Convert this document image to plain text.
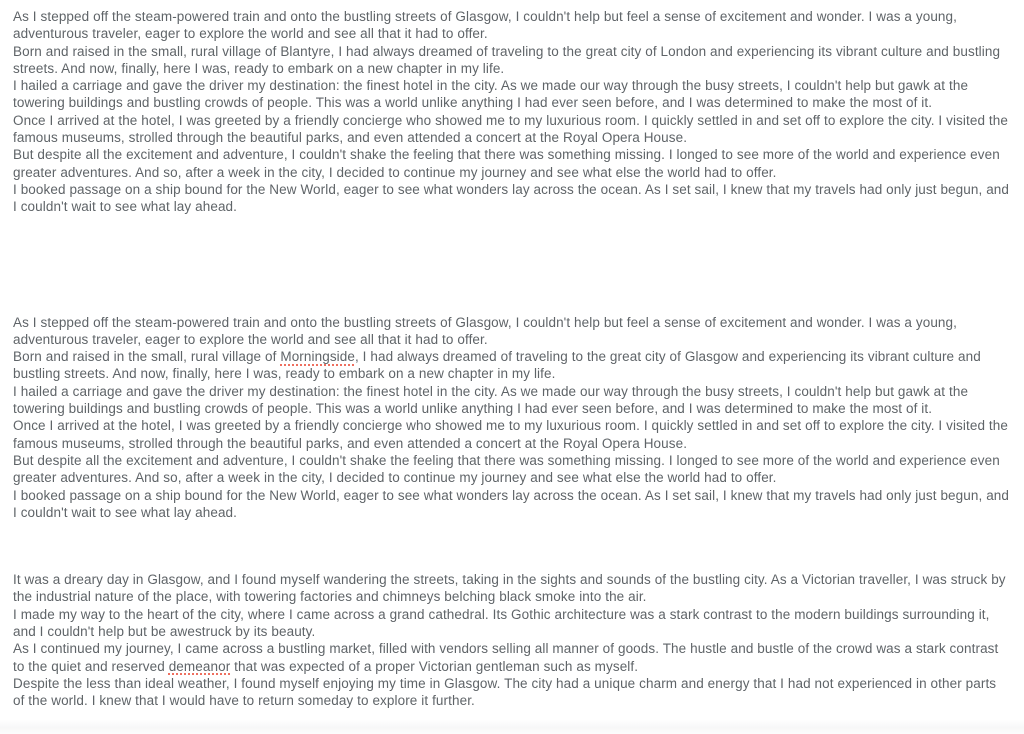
As I stepped off the steam-powered train and onto the bustling streets of Glasgow, I couldn't help but feel a sense of excitement and wonder. I was a young, adventurous traveler, eager to explore the world and see all that it had to offer.

Born and raised in the small, rural village of Blantyre, I had always dreamed of traveling to the great city of London and experiencing its vibrant culture and bustling streets. And now, finally, here I was, ready to embark on a new chapter in my life.

I hailed a carriage and gave the driver my destination: the finest hotel in the city. As we made our way through the busy streets, I couldn't help but gawk at the towering buildings and bustling crowds of people. This was a world unlike anything I had ever seen before, and I was determined to make the most of it.

Once I arrived at the hotel, I was greeted by a friendly concierge who showed me to my luxurious room. I quickly settled in and set off to explore the city. I visited the famous museums, strolled through the beautiful parks, and even attended a concert at the Royal Opera House.

But despite all the excitement and adventure, I couldn't shake the feeling that there was something missing. I longed to see more of the world and experience even greater adventures. And so, after a week in the city, I decided to continue my journey and see what else the world had to offer.

I booked passage on a ship bound for the New World, eager to see what wonders lay across the ocean. As I set sail, I knew that my travels had only just begun, and I couldn't wait to see what lay ahead.

As I stepped off the steam-powered train and onto the bustling streets of Glasgow, I couldn't help but feel a sense of excitement and wonder. I was a young, adventurous traveler, eager to explore the world and see all that it had to offer.

Born and raised in the small, rural village of Morningside, I had always dreamed of traveling to the great city of Glasgow and experiencing its vibrant culture and bustling streets. And now, finally, here I was, ready to embark on a new chapter in my life.

I hailed a carriage and gave the driver my destination: the finest hotel in the city. As we made our way through the busy streets, I couldn't help but gawk at the towering buildings and bustling crowds of people. This was a world unlike anything I had ever seen before, and I was determined to make the most of it.

Once I arrived at the hotel, I was greeted by a friendly concierge who showed me to my luxurious room. I quickly settled in and set off to explore the city. I visited the famous museums, strolled through the beautiful parks, and even attended a concert at the Royal Opera House.

But despite all the excitement and adventure, I couldn't shake the feeling that there was something missing. I longed to see more of the world and experience even greater adventures. And so, after a week in the city, I decided to continue my journey and see what else the world had to offer.

I booked passage on a ship bound for the New World, eager to see what wonders lay across the ocean. As I set sail, I knew that my travels had only just begun, and I couldn't wait to see what lay ahead.

It was a dreary day in Glasgow, and I found myself wandering the streets, taking in the sights and sounds of the bustling city. As a Victorian traveller, I was struck by the industrial nature of the place, with towering factories and chimneys belching black smoke into the air.

I made my way to the heart of the city, where I came across a grand cathedral. Its Gothic architecture was a stark contrast to the modern buildings surrounding it, and I couldn't help but be awestruck by its beauty.

As I continued my journey, I came across a bustling market, filled with vendors selling all manner of goods. The hustle and bustle of the crowd was a stark contrast to the quiet and reserved demeanor that was expected of a proper Victorian gentleman such as myself.

Despite the less than ideal weather, I found myself enjoying my time in Glasgow. The city had a unique charm and energy that I had not experienced in other parts of the world. I knew that I would have to return someday to explore it further.
